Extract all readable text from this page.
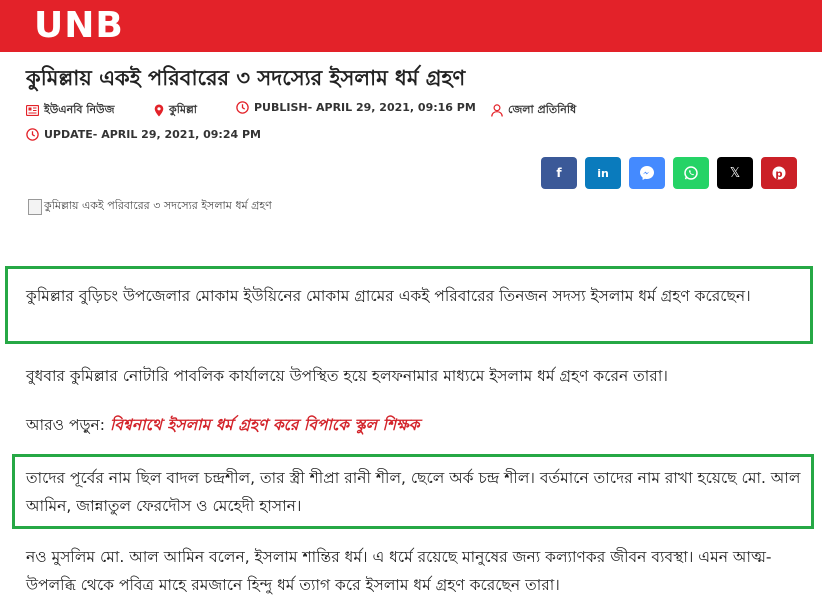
UNB
কুমিল্লায় একই পরিবারের ৩ সদস্যের ইসলাম ধর্ম গ্রহণ
ইউএনবি নিউজ	কুমিল্লা	PUBLISH- APRIL 29, 2021, 09:16 PM	জেলা প্রতিনিধি
UPDATE- APRIL 29, 2021, 09:24 PM
f	in	𝕏	p
কুমিল্লায় একই পরিবারের ৩ সদস্যের ইসলাম ধর্ম গ্রহণ

কুমিল্লার বুড়িচং উপজেলার মোকাম ইউয়িনের মোকাম গ্রামের একই পরিবারের তিনজন সদস্য ইসলাম ধর্ম গ্রহণ করেছেন।

বুধবার কুমিল্লার নোটারি পাবলিক কার্যালয়ে উপস্থিত হয়ে হলফনামার মাধ্যমে ইসলাম ধর্ম গ্রহণ করেন তারা।

আরও পড়ুন: বিশ্বনাথে ইসলাম ধর্ম গ্রহণ করে বিপাকে স্কুল শিক্ষক

তাদের পূর্বের নাম ছিল বাদল চন্দ্রশীল, তার স্ত্রী শীপ্রা রানী শীল, ছেলে অর্ক চন্দ্র শীল। বর্তমানে তাদের নাম রাখা হয়েছে মো. আল আমিন, জান্নাতুল ফেরদৌস ও মেহেদী হাসান।

নও মুসলিম মো. আল আমিন বলেন, ইসলাম শান্তির ধর্ম। এ ধর্মে রয়েছে মানুষের জন্য কল্যাণকর জীবন ব্যবস্থা। এমন আত্ম-উপলব্ধি থেকে পবিত্র মাহে রমজানে হিন্দু ধর্ম ত্যাগ করে ইসলাম ধর্ম গ্রহণ করেছেন তারা।
